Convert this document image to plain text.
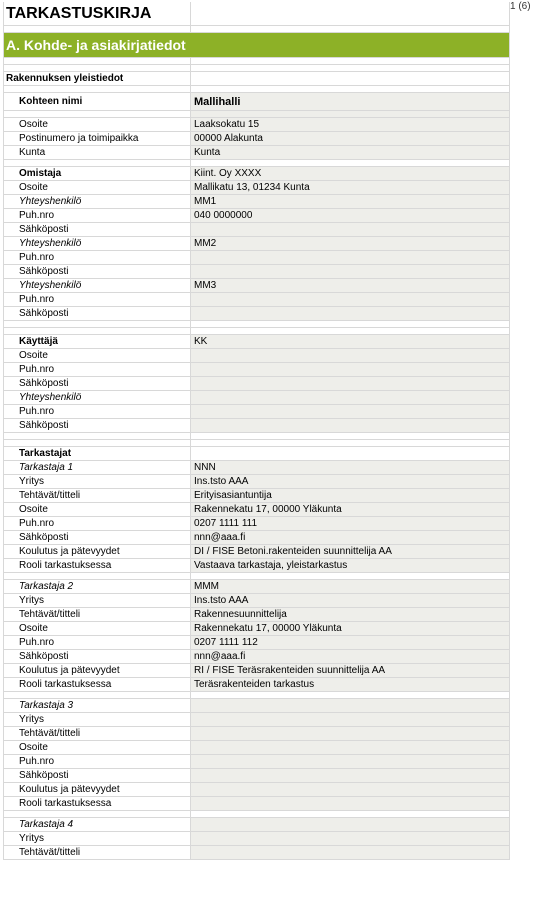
1 (6)
TARKASTUSKIRJA
A. Kohde- ja asiakirjatiedot
Rakennuksen yleistiedot
Kohteen nimi	Mallihalli
Osoite	Laaksokatu 15
Postinumero ja toimipaikka	00000 Alakunta
Kunta	Kunta
Omistaja	Kiint. Oy XXXX
Osoite	Mallikatu 13, 01234 Kunta
Yhteyshenkilö	MM1
Puh.nro	040 0000000
Sähköposti
Yhteyshenkilö	MM2
Puh.nro
Sähköposti
Yhteyshenkilö	MM3
Puh.nro
Sähköposti
Käyttäjä	KK
Osoite
Puh.nro
Sähköposti
Yhteyshenkilö
Puh.nro
Sähköposti
Tarkastajat
Tarkastaja 1	NNN
Yritys	Ins.tsto AAA
Tehtävät/titteli	Erityisasiantuntija
Osoite	Rakennekatu 17, 00000 Yläkunta
Puh.nro	0207 1111 111
Sähköposti	nnn@aaa.fi
Koulutus ja pätevyydet	DI / FISE Betoni.rakenteiden suunnittelija AA
Rooli tarkastuksessa	Vastaava tarkastaja, yleistarkastus
Tarkastaja 2	MMM
Yritys	Ins.tsto AAA
Tehtävät/titteli	Rakennesuunnittelija
Osoite	Rakennekatu 17, 00000 Yläkunta
Puh.nro	0207 1111 112
Sähköposti	nnn@aaa.fi
Koulutus ja pätevyydet	RI / FISE Teräsrakenteiden suunnittelija AA
Rooli tarkastuksessa	Teräsrakenteiden tarkastus
Tarkastaja 3
Yritys
Tehtävät/titteli
Osoite
Puh.nro
Sähköposti
Koulutus ja pätevyydet
Rooli tarkastuksessa
Tarkastaja 4
Yritys
Tehtävät/titteli
